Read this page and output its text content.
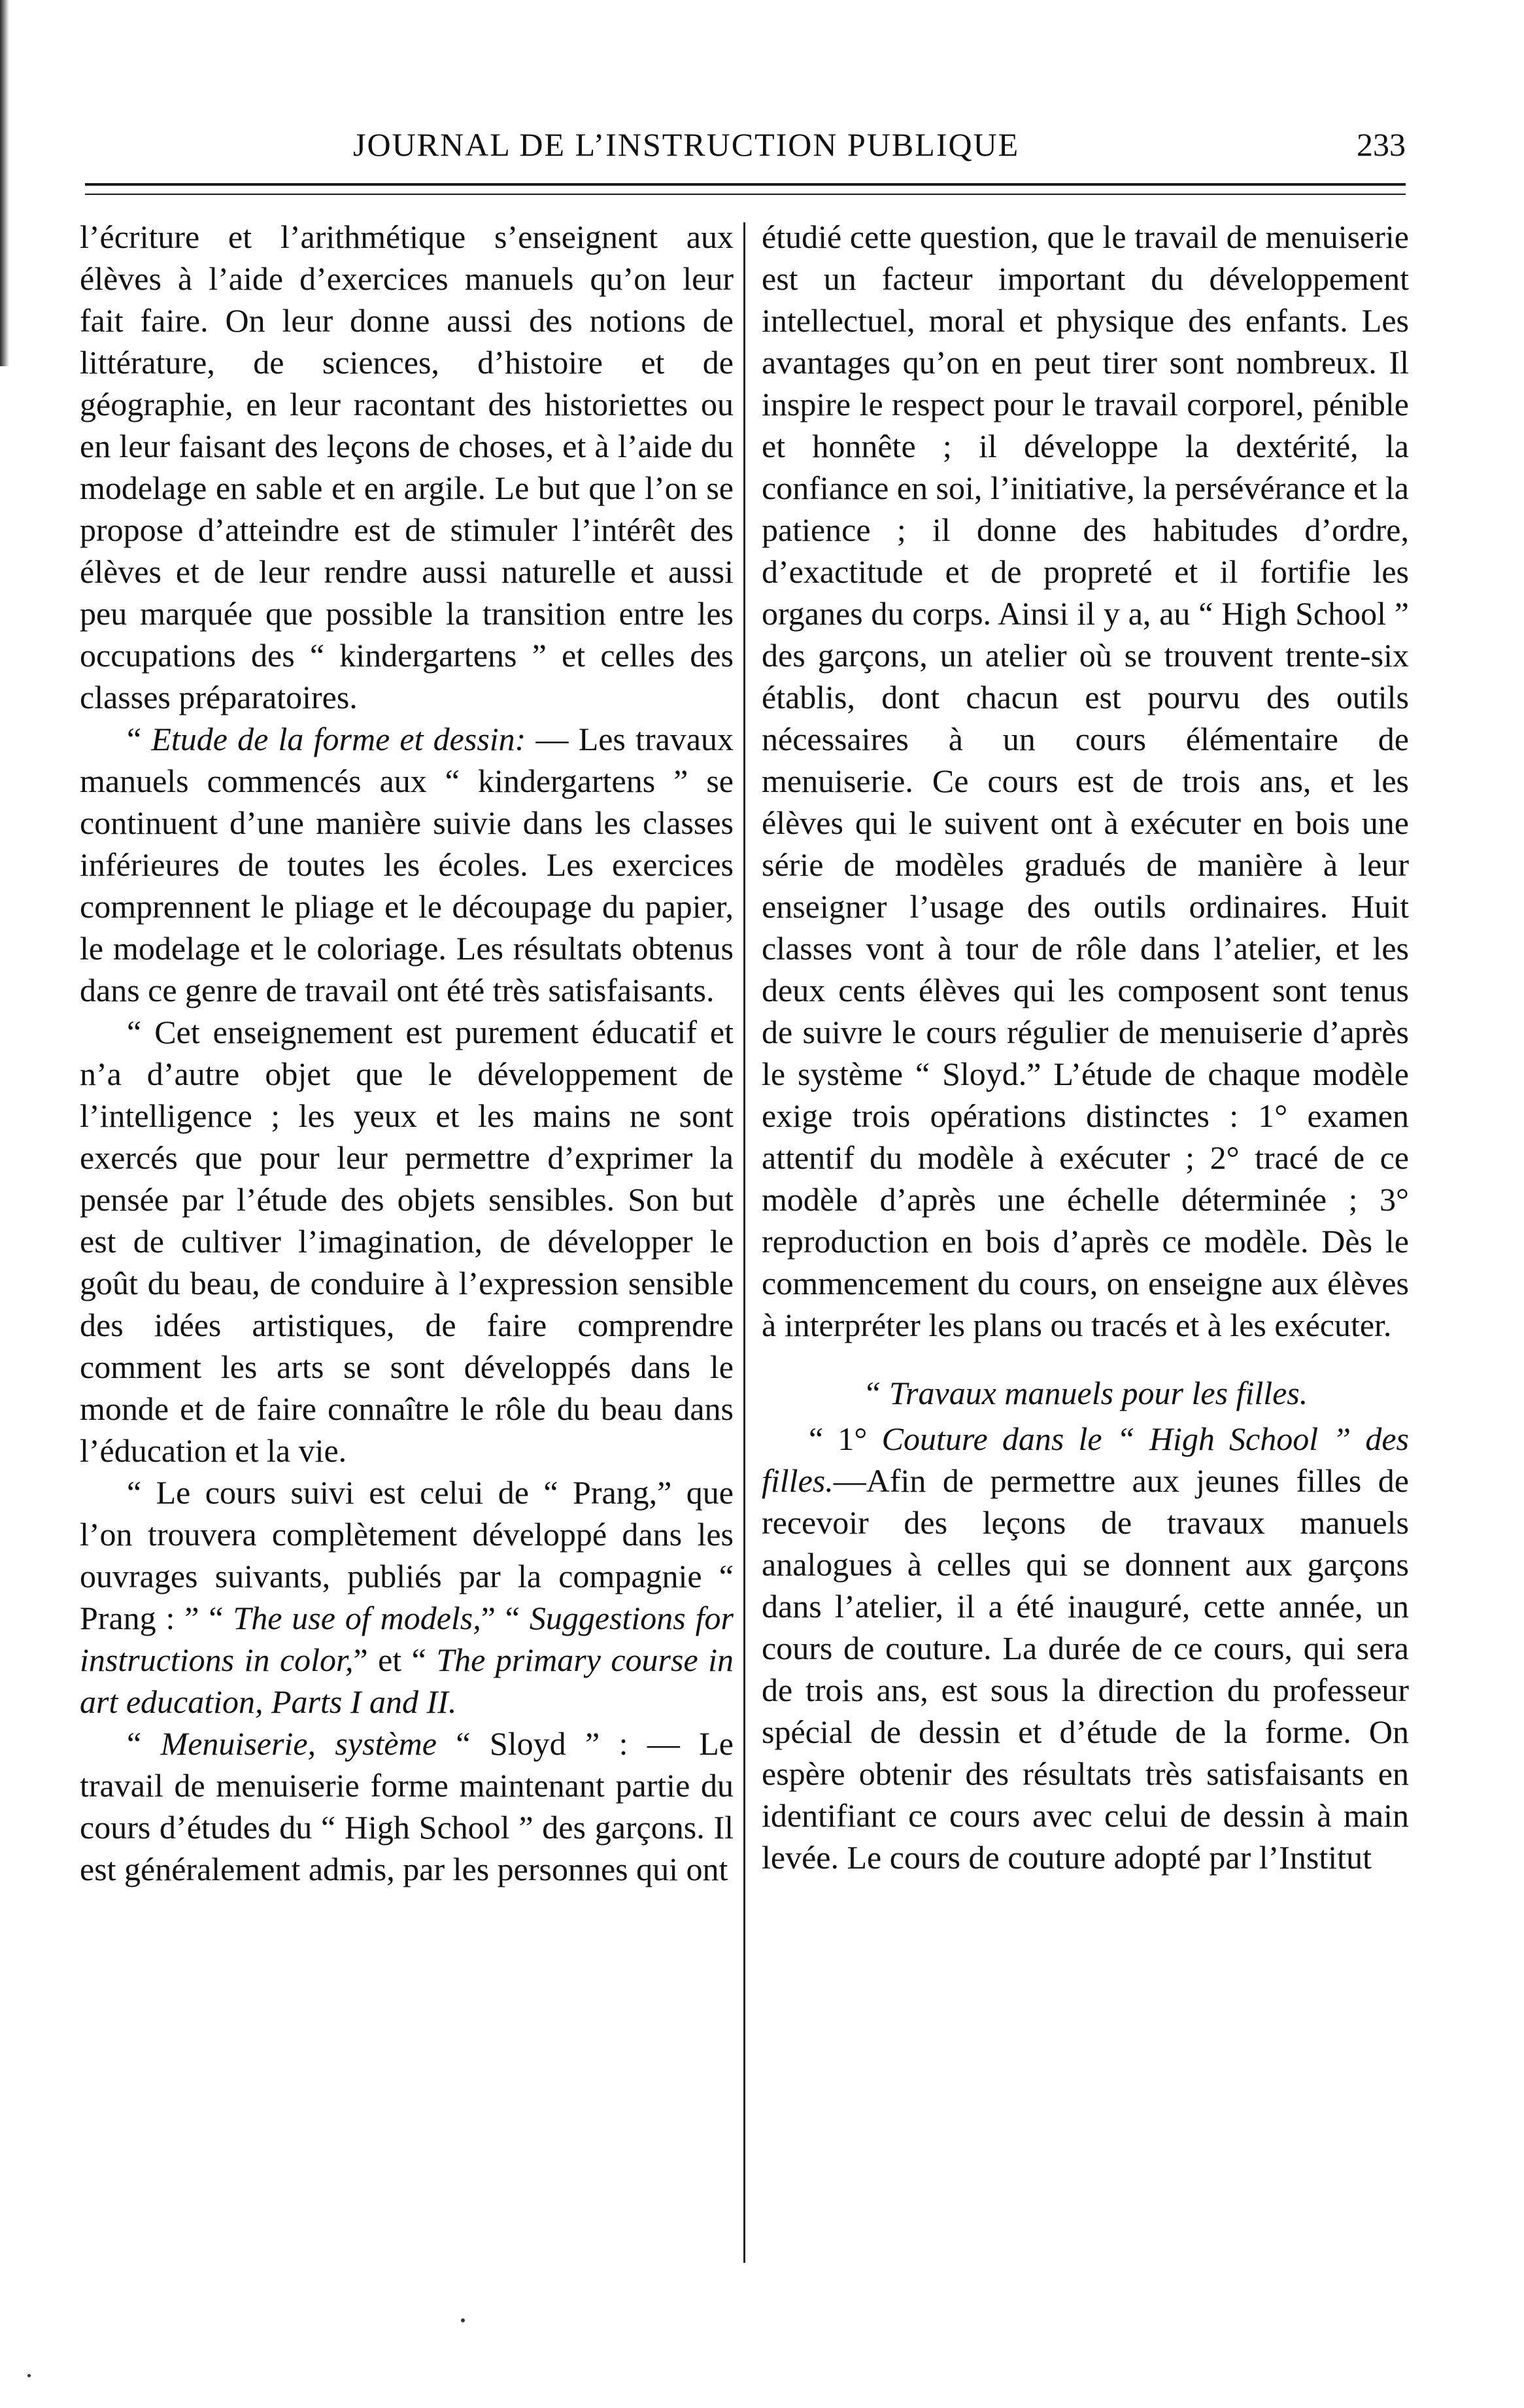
JOURNAL DE L’INSTRUCTION PUBLIQUE	233

l’écriture et l’arithmétique s’enseignent aux élèves à l’aide d’exercices manuels qu’on leur fait faire. On leur donne aussi des notions de littérature, de sciences, d’histoire et de géographie, en leur racontant des historiettes ou en leur faisant des leçons de choses, et à l’aide du modelage en sable et en argile. Le but que l’on se propose d’atteindre est de stimuler l’intérêt des élèves et de leur rendre aussi naturelle et aussi peu marquée que possible la transition entre les occupations des “ kindergartens ” et celles des classes préparatoires.

“ Etude de la forme et dessin: — Les travaux manuels commencés aux “ kindergartens ” se continuent d’une manière suivie dans les classes inférieures de toutes les écoles. Les exercices comprennent le pliage et le découpage du papier, le modelage et le coloriage. Les résultats obtenus dans ce genre de travail ont été très satisfaisants.

“ Cet enseignement est purement éducatif et n’a d’autre objet que le développement de l’intelligence ; les yeux et les mains ne sont exercés que pour leur permettre d’exprimer la pensée par l’étude des objets sensibles. Son but est de cultiver l’imagination, de développer le goût du beau, de conduire à l’expression sensible des idées artistiques, de faire comprendre comment les arts se sont développés dans le monde et de faire connaître le rôle du beau dans l’éducation et la vie.

“ Le cours suivi est celui de “ Prang,” que l’on trouvera complètement développé dans les ouvrages suivants, publiés par la compagnie “ Prang : ” “ The use of models,” “ Suggestions for instructions in color,” et “ The primary course in art education, Parts I and II.

“ Menuiserie, système “ Sloyd ” : — Le travail de menuiserie forme maintenant partie du cours d’études du “ High School ” des garçons. Il est généralement admis, par les personnes qui ont

étudié cette question, que le travail de menuiserie est un facteur important du développement intellectuel, moral et physique des enfants. Les avantages qu’on en peut tirer sont nombreux. Il inspire le respect pour le travail corporel, pénible et honnête ; il développe la dextérité, la confiance en soi, l’initiative, la persévérance et la patience ; il donne des habitudes d’ordre, d’exactitude et de propreté et il fortifie les organes du corps. Ainsi il y a, au “ High School ” des garçons, un atelier où se trouvent trente-six établis, dont chacun est pourvu des outils nécessaires à un cours élémentaire de menuiserie. Ce cours est de trois ans, et les élèves qui le suivent ont à exécuter en bois une série de modèles gradués de manière à leur enseigner l’usage des outils ordinaires. Huit classes vont à tour de rôle dans l’atelier, et les deux cents élèves qui les composent sont tenus de suivre le cours régulier de menuiserie d’après le système “ Sloyd.” L’étude de chaque modèle exige trois opérations distinctes : 1° examen attentif du modèle à exécuter ; 2° tracé de ce modèle d’après une échelle déterminée ; 3° reproduction en bois d’après ce modèle. Dès le commencement du cours, on enseigne aux élèves à interpréter les plans ou tracés et à les exécuter.

“ Travaux manuels pour les filles.

“ 1° Couture dans le “ High School ” des filles.—Afin de permettre aux jeunes filles de recevoir des leçons de travaux manuels analogues à celles qui se donnent aux garçons dans l’atelier, il a été inauguré, cette année, un cours de couture. La durée de ce cours, qui sera de trois ans, est sous la direction du professeur spécial de dessin et d’étude de la forme. On espère obtenir des résultats très satisfaisants en identifiant ce cours avec celui de dessin à main levée. Le cours de couture adopté par l’Institut
